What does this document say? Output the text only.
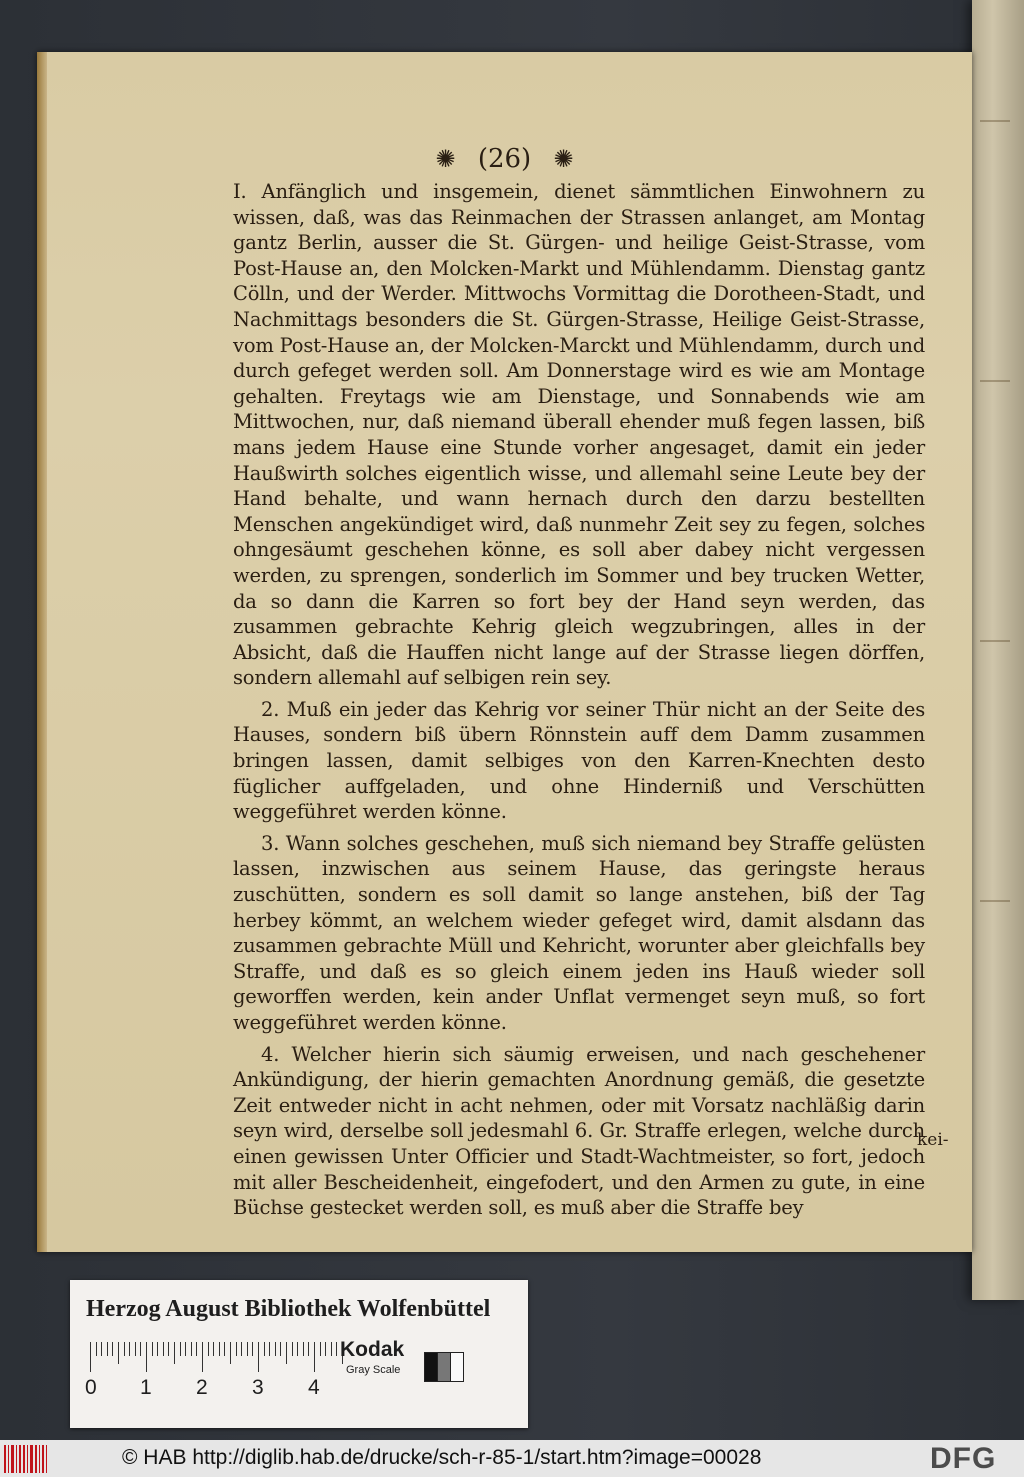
✺ (26) ✺

I. Anfänglich und insgemein, dienet sämmtlichen Einwohnern zu wissen, daß, was das Reinmachen der Strassen anlanget, am Montag gantz Berlin, ausser die St. Gürgen- und heilige Geist-Strasse, vom Post-Hause an, den Molcken-Markt und Mühlendamm. Dienstag gantz Cölln, und der Werder. Mittwochs Vormittag die Dorotheen-Stadt, und Nachmittags besonders die St. Gürgen-Strasse, Heilige Geist-Strasse, vom Post-Hause an, der Molcken-Marckt und Mühlendamm, durch und durch gefeget werden soll. Am Donnerstage wird es wie am Montage gehalten. Freytags wie am Dienstage, und Sonnabends wie am Mittwochen, nur, daß niemand überall ehender muß fegen lassen, biß mans jedem Hause eine Stunde vorher angesaget, damit ein jeder Haußwirth solches eigentlich wisse, und allemahl seine Leute bey der Hand behalte, und wann hernach durch den darzu bestellten Menschen angekündiget wird, daß nunmehr Zeit sey zu fegen, solches ohngesäumt geschehen könne, es soll aber dabey nicht vergessen werden, zu sprengen, sonderlich im Sommer und bey trucken Wetter, da so dann die Karren so fort bey der Hand seyn werden, das zusammen gebrachte Kehrig gleich wegzubringen, alles in der Absicht, daß die Hauffen nicht lange auf der Strasse liegen dörffen, sondern allemahl auf selbigen rein sey.

2. Muß ein jeder das Kehrig vor seiner Thür nicht an der Seite des Hauses, sondern biß übern Rönnstein auff dem Damm zusammen bringen lassen, damit selbiges von den Karren-Knechten desto füglicher auffgeladen, und ohne Hinderniß und Verschütten weggeführet werden könne.

3. Wann solches geschehen, muß sich niemand bey Straffe gelüsten lassen, inzwischen aus seinem Hause, das geringste heraus zuschütten, sondern es soll damit so lange anstehen, biß der Tag herbey kömmt, an welchem wieder gefeget wird, damit alsdann das zusammen gebrachte Müll und Kehricht, worunter aber gleichfalls bey Straffe, und daß es so gleich einem jeden ins Hauß wieder soll geworffen werden, kein ander Unflat vermenget seyn muß, so fort weggeführet werden könne.

4. Welcher hierin sich säumig erweisen, und nach geschehener Ankündigung, der hierin gemachten Anordnung gemäß, die gesetzte Zeit entweder nicht in acht nehmen, oder mit Vorsatz nachläßig darin seyn wird, derselbe soll jedesmahl 6. Gr. Straffe erlegen, welche durch einen gewissen Unter Officier und Stadt-Wachtmeister, so fort, jedoch mit aller Bescheidenheit, eingefodert, und den Armen zu gute, in eine Büchse gestecket werden soll, es muß aber die Straffe bey

kei-
Herzog August Bibliothek Wolfenbüttel
0 1 2 3 4
Kodak
Gray Scale
© HAB http://diglib.hab.de/drucke/sch-r-85-1/start.htm?image=00028	DFG
